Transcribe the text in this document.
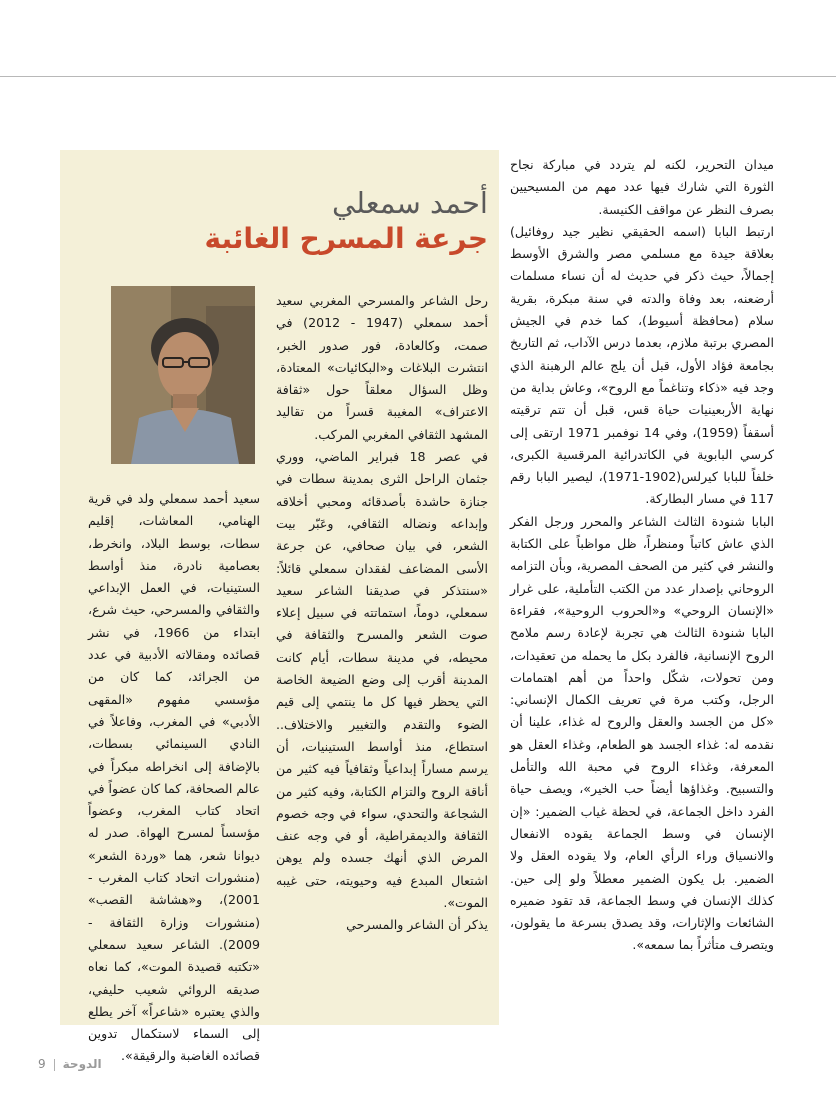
أحمد سمعلي
جرعة المسرح الغائبة

ميدان التحرير، لكنه لم يتردد في مباركة نجاح الثورة التي شارك فيها عدد مهم من المسيحيين بصرف النظر عن مواقف الكنيسة.

ارتبط البابا (اسمه الحقيقي نظير جيد روفائيل) بعلاقة جيدة مع مسلمي مصر والشرق الأوسط إجمالاً، حيث ذكر في حديث له أن نساء مسلمات أرضعنه، بعد وفاة والدته في سنة مبكرة، بقرية سلام (محافظة أسيوط)، كما خدم في الجيش المصري برتبة ملازم، بعدما درس الآداب، ثم التاريخ بجامعة فؤاد الأول، قبل أن يلج عالم الرهبنة الذي وجد فيه «ذكاء وتناغماً مع الروح»، وعاش بداية من نهاية الأربعينيات حياة قس، قبل أن تتم ترقيته أسقفاً (1959)، وفي 14 نوفمبر 1971 ارتقى إلى كرسي البابوية في الكاتدرائية المرقسية الكبرى، خلفاً للبابا كيرلس(1902-1971)، ليصير البابا رقم 117 في مسار البطاركة.

البابا شنودة الثالث الشاعر والمحرر ورجل الفكر الذي عاش كاتباً ومنظراً، ظل مواظباً على الكتابة والنشر في كثير من الصحف المصرية، وبأن التزامه الروحاني بإصدار عدد من الكتب التأملية، على غرار «الإنسان الروحي» و«الحروب الروحية»، فقراءة البابا شنودة الثالث هي تجربة لإعادة رسم ملامح الروح الإنسانية، فالفرد بكل ما يحمله من تعقيدات، ومن تحولات، شكّل واحداً من أهم اهتمامات الرجل، وكتب مرة في تعريف الكمال الإنساني: «كل من الجسد والعقل والروح له غذاء، علينا أن نقدمه له: غذاء الجسد هو الطعام، وغذاء العقل هو المعرفة، وغذاء الروح في محبة الله والتأمل والتسبيح. وغذاؤها أيضاً حب الخير»، ويصف حياة الفرد داخل الجماعة، في لحظة غياب الضمير: «إن الإنسان في وسط الجماعة يقوده الانفعال والانسياق وراء الرأي العام، ولا يقوده العقل ولا الضمير. بل يكون الضمير معطلاً ولو إلى حين. كذلك الإنسان في وسط الجماعة، قد تقود ضميره الشائعات والإثارات، وقد يصدق بسرعة ما يقولون، ويتصرف متأثراً بما سمعه».

رحل الشاعر والمسرحي المغربي سعيد أحمد سمعلي (1947 - 2012) في صمت، وكالعادة، فور صدور الخبر، انتشرت البلاغات و«البكائيات» المعتادة، وظل السؤال معلقاً حول «ثقافة الاعتراف» المغيبة قسراً من تقاليد المشهد الثقافي المغربي المركب.

في عصر 18 فبراير الماضي، ووري جثمان الراحل الثرى بمدينة سطات في جنازة حاشدة بأصدقائه ومحبي أخلاقه وإبداعه ونضاله الثقافي، وعَبّر بيت الشعر، في بيان صحافي، عن جرعة الأسى المضاعف لفقدان سمعلي قائلاً: «سنتذكر في صديقنا الشاعر سعيد سمعلي، دوماً، استماتته في سبيل إعلاء صوت الشعر والمسرح والثقافة في محيطه، في مدينة سطات، أيام كانت المدينة أقرب إلى وضع الضيعة الخاصة التي يحظر فيها كل ما ينتمي إلى قيم الضوء والتقدم والتغيير والاختلاف.. استطاع، منذ أواسط الستينيات، أن يرسم مساراً إبداعياً وثقافياً فيه كثير من أناقة الروح والتزام الكتابة، وفيه كثير من الشجاعة والتحدي، سواء في وجه خصوم الثقافة والديمقراطية، أو في وجه عنف المرض الذي أنهك جسده ولم يوهن اشتعال المبدع فيه وحيويته، حتى غيبه الموت».

يذكر أن الشاعر والمسرحي

سعيد أحمد سمعلي ولد في قرية الهنامي، المعاشات، إقليم سطات، بوسط البلاد، وانخرط، بعصامية نادرة، منذ أواسط الستينيات، في العمل الإبداعي والثقافي والمسرحي، حيث شرع، ابتداء من 1966، في نشر قصائده ومقالاته الأدبية في عدد من الجرائد، كما كان من مؤسسي مفهوم «المقهى الأدبي» في المغرب، وفاعلاً في النادي السينمائي بسطات، بالإضافة إلى انخراطه مبكراً في عالم الصحافة، كما كان عضواً في اتحاد كتاب المغرب، وعضواً مؤسساً لمسرح الهواة. صدر له ديوانا شعر، هما «وردة الشعر» (منشورات اتحاد كتاب المغرب - 2001)، و«هشاشة القصب» (منشورات وزارة الثقافة - 2009). الشاعر سعيد سمعلي «تكتبه قصيدة الموت»، كما نعاه صديقه الروائي شعيب حليفي، والذي يعتبره «شاعراً» آخر يطلع إلى السماء لاستكمال تدوين قصائده الغاضبة والرقيقة».

9 الدوحة
